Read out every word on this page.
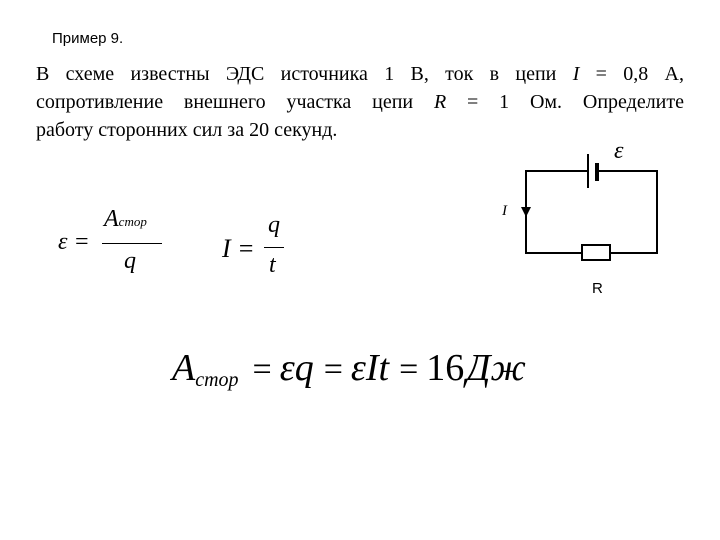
Пример 9.
В схеме известны ЭДС источника 1 В, ток в цепи I = 0,8 А,
сопротивление внешнего участка цепи R = 1 Ом. Определите
работу сторонних сил за 20 секунд.
ε
I
R
ε =
Aстор
q	I =
q
t
Aстор = εq = εIt = 16Дж
